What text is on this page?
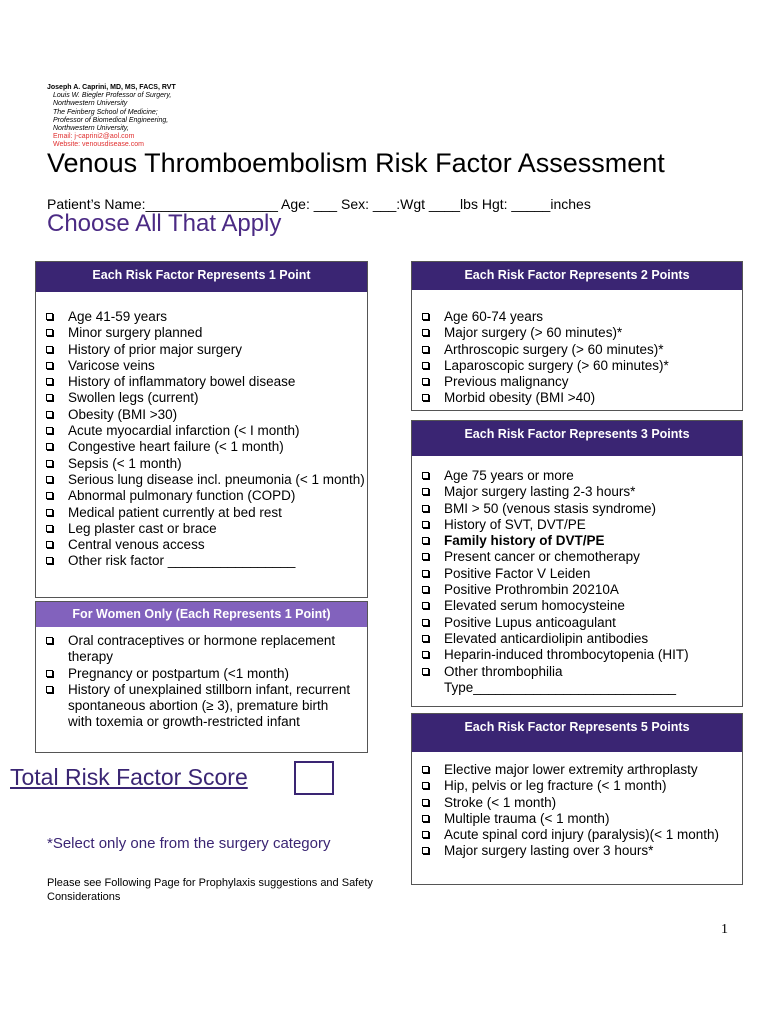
Joseph A. Caprini, MD, MS, FACS, RVT
Louis W. Biegler Professor of Surgery,
Northwestern University
The Feinberg School of Medicine;
Professor of Biomedical Engineering,
Northwestern University,
Email: j-caprini2@aol.com
Website: venousdisease.com
Venous Thromboembolism Risk Factor Assessment
Patient’s Name:_________________ Age: ___ Sex: ___:Wgt ____lbs Hgt: _____inches
Choose All That Apply
Each Risk Factor Represents 1 Point
Age 41-59 years
Minor surgery planned
History of prior major surgery
Varicose veins
History of inflammatory bowel disease
Swollen legs (current)
Obesity (BMI >30)
Acute myocardial infarction (< I month)
Congestive heart failure (< 1 month)
Sepsis (< 1 month)
Serious lung disease incl. pneumonia (< 1 month)
Abnormal pulmonary function (COPD)
Medical patient currently at bed rest
Leg plaster cast or brace
Central venous access
Other risk factor _________________
For Women Only (Each Represents 1 Point)
Oral contraceptives or hormone replacement therapy
Pregnancy or postpartum (<1 month)
History of unexplained stillborn infant, recurrent spontaneous abortion (≥ 3), premature birth with toxemia or growth-restricted infant
Each Risk Factor Represents 2 Points
Age 60-74 years
Major surgery (> 60 minutes)*
Arthroscopic surgery (> 60 minutes)*
Laparoscopic surgery (> 60 minutes)*
Previous malignancy
Morbid obesity (BMI >40)
Each Risk Factor Represents 3 Points
Age 75 years or more
Major surgery lasting 2-3 hours*
BMI > 50 (venous stasis syndrome)
History of SVT, DVT/PE
Family history of DVT/PE
Present cancer or chemotherapy
Positive Factor V Leiden
Positive Prothrombin 20210A
Elevated serum homocysteine
Positive Lupus anticoagulant
Elevated anticardiolipin antibodies
Heparin-induced thrombocytopenia (HIT)
Other thrombophilia Type___________________________
Each Risk Factor Represents 5 Points
Elective major lower extremity arthroplasty
Hip, pelvis or leg fracture (< 1 month)
Stroke (< 1 month)
Multiple trauma (< 1 month)
Acute spinal cord injury (paralysis)(< 1 month)
Major surgery lasting over 3 hours*
Total Risk Factor Score
*Select only one from the surgery category
Please see Following Page for Prophylaxis suggestions and Safety Considerations
1
